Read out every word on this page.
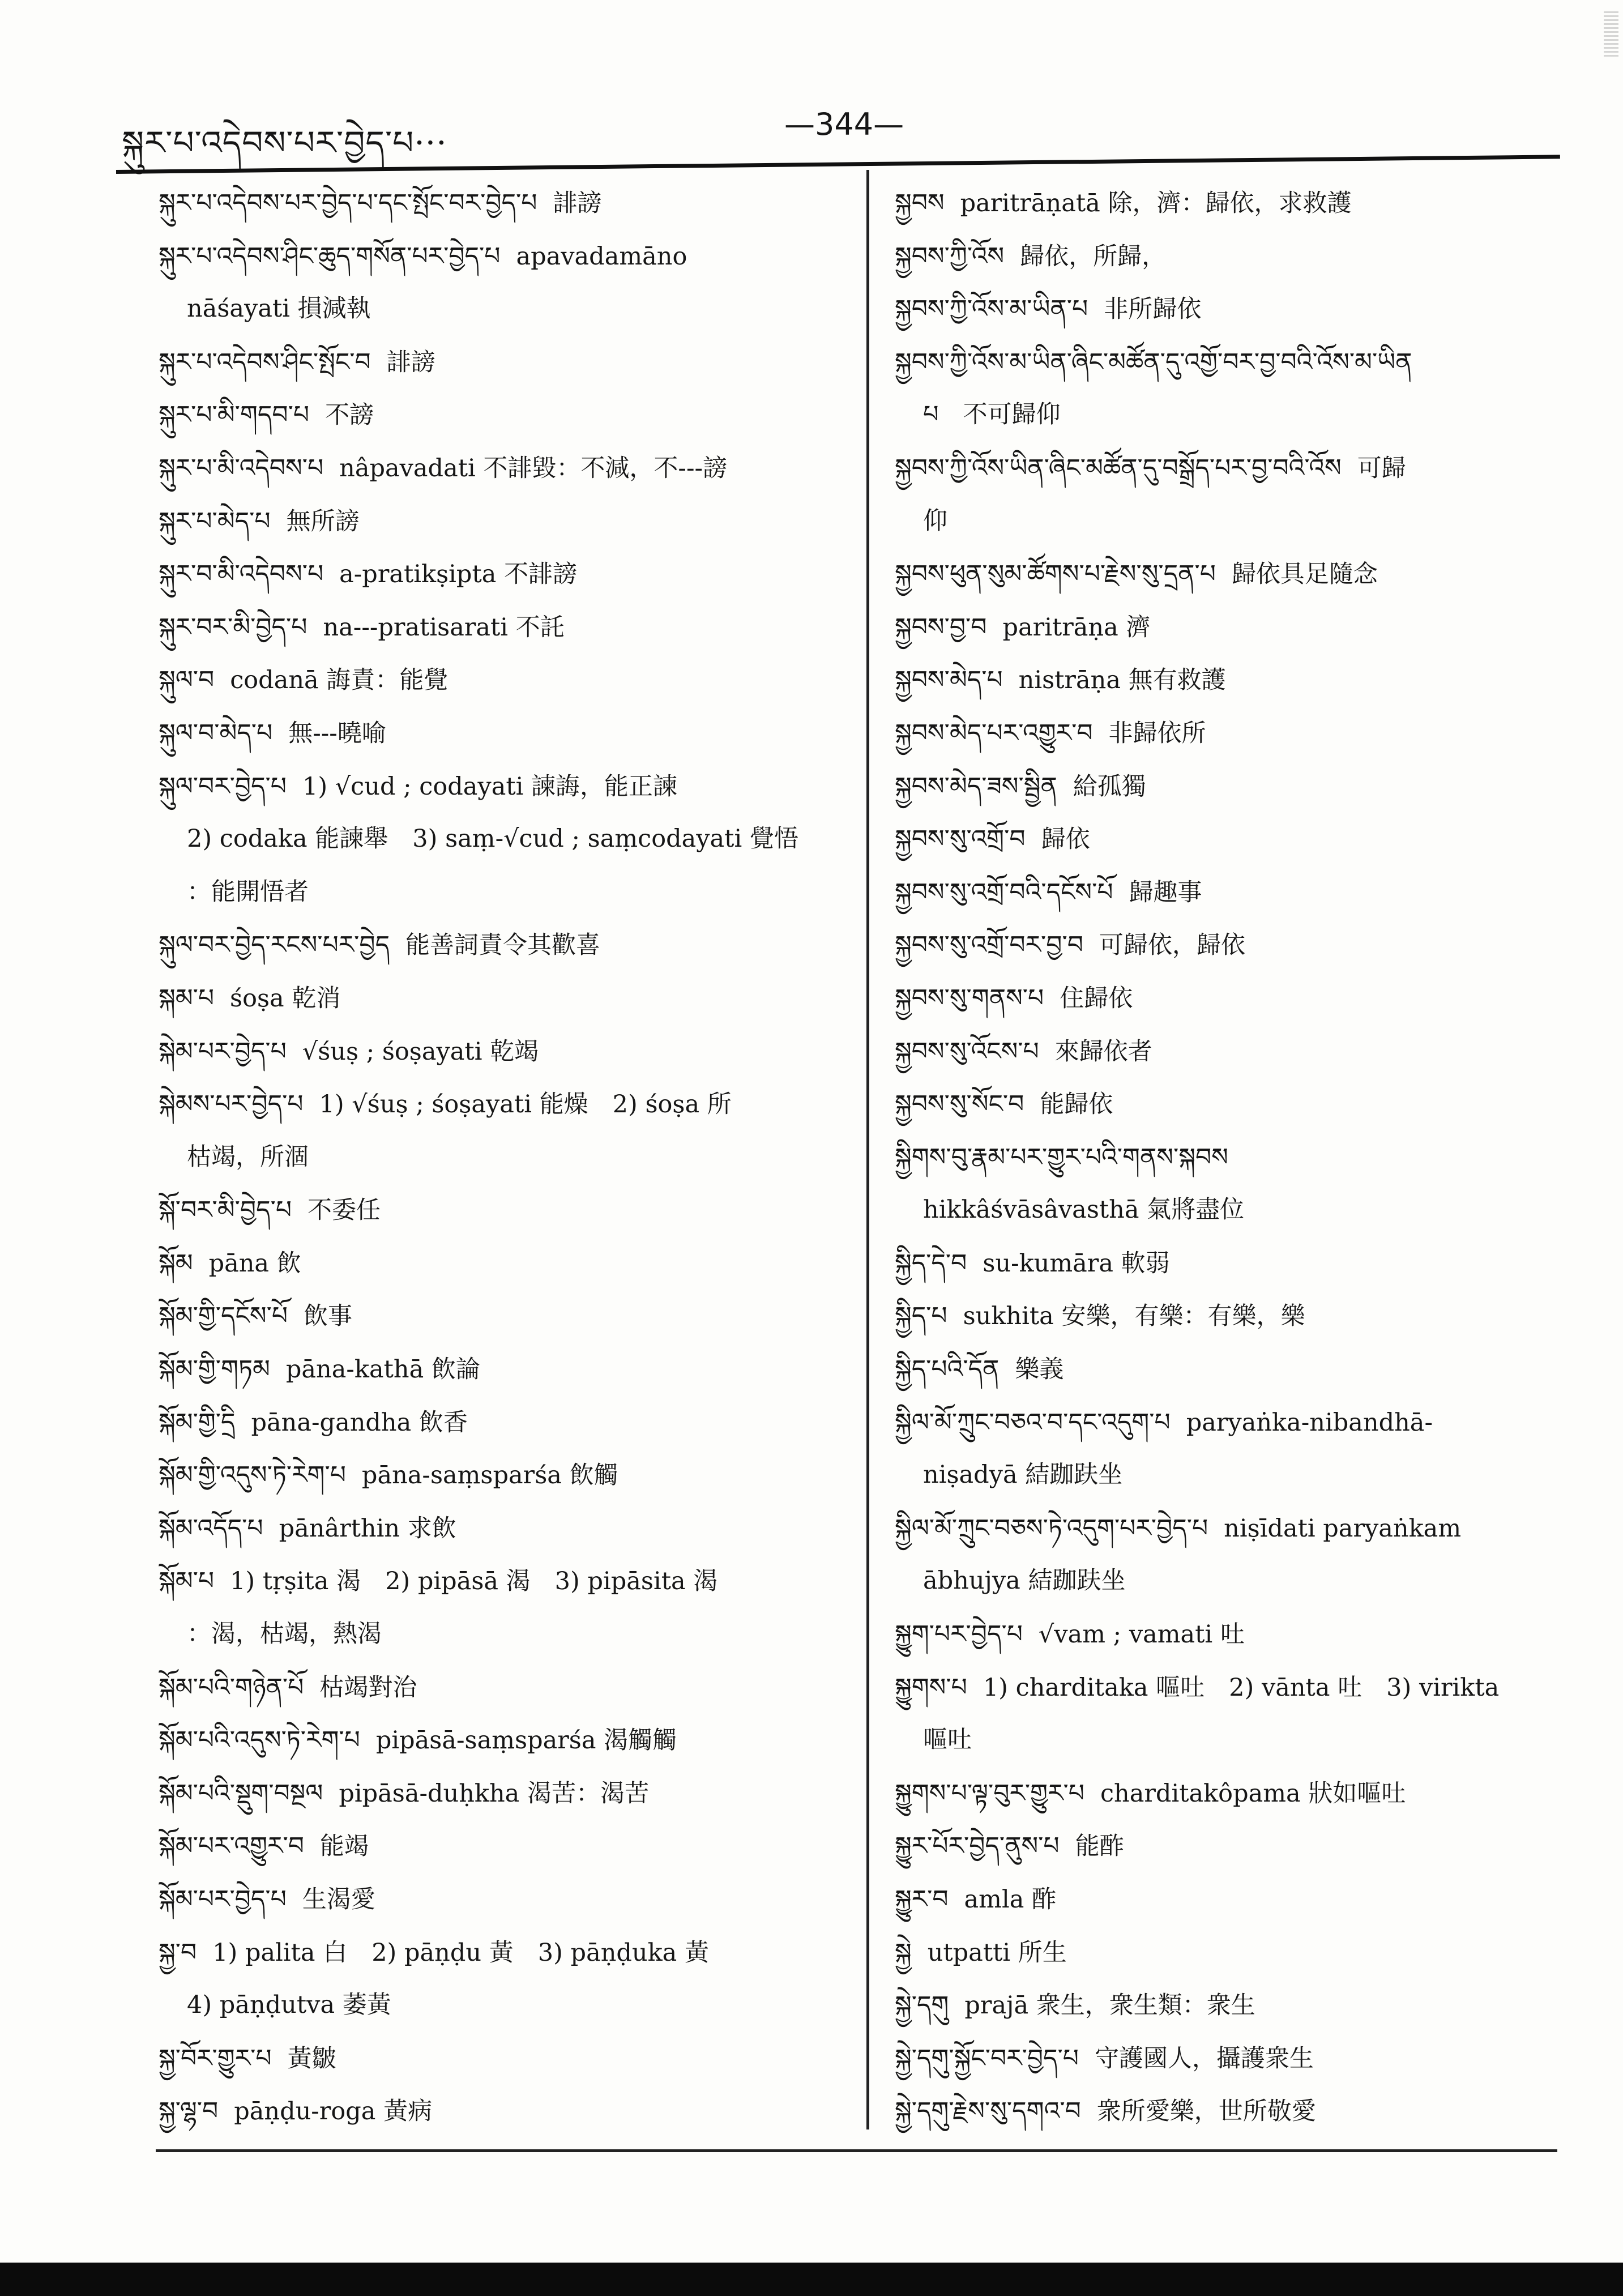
སྐུར་པ་འདེབས་པར་བྱེད་པ···	—344—
སྐུར་པ་འདེབས་པར་བྱེད་པ་དང་སྤོང་བར་བྱེད་པ 誹謗
སྐུར་པ་འདེབས་ཤིང་ཆུད་གསོན་པར་བྱེད་པ apavadamāno
nāśayati 損減執
སྐུར་པ་འདེབས་ཤིང་སྤོང་བ 誹謗
སྐུར་པ་མི་གདབ་པ 不謗
སྐུར་པ་མི་འདེབས་པ nâpavadati 不誹毀：不減，不---謗
སྐུར་པ་མེད་པ 無所謗
སྐུར་བ་མི་འདེབས་པ a-pratikṣipta 不誹謗
སྐུར་བར་མི་བྱེད་པ na---pratisarati 不託
སྐུལ་བ codanā 誨責：能覺
སྐུལ་བ་མེད་པ 無---曉喻
སྐུལ་བར་བྱེད་པ 1) √cud ; codayati 諫誨，能正諫
2) codaka 能諫舉　3) saṃ-√cud ; saṃcodayati 覺悟
：能開悟者
སྐུལ་བར་བྱེད་རངས་པར་བྱེད 能善詞責令其歡喜
སྐམ་པ śoṣa 乾消
སྐེམ་པར་བྱེད་པ √śuṣ ; śoṣayati 乾竭
སྐེམས་པར་བྱེད་པ 1) √śuṣ ; śoṣayati 能燥　2) śoṣa 所
枯竭，所涸
སྐོ་བར་མི་བྱེད་པ 不委任
སྐོམ pāna 飲
སྐོམ་གྱི་དངོས་པོ 飲事
སྐོམ་གྱི་གཏམ pāna-kathā 飲論
སྐོམ་གྱི་དྲི pāna-gandha 飲香
སྐོམ་གྱི་འདུས་ཏེ་རེག་པ pāna-saṃsparśa 飲觸
སྐོམ་འདོད་པ pānârthin 求飲
སྐོམ་པ 1) tṛṣita 渴　2) pipāsā 渴　3) pipāsita 渴
：渴，枯竭，熱渴
སྐོམ་པའི་གཉེན་པོ 枯竭對治
སྐོམ་པའི་འདུས་ཏེ་རེག་པ pipāsā-saṃsparśa 渴觸觸
སྐོམ་པའི་སྡུག་བསྔལ pipāsā-duḥkha 渴苦：渴苦
སྐོམ་པར་འགྱུར་བ 能竭
སྐོམ་པར་བྱེད་པ 生渴愛
སྐྱ་བ 1) palita 白　2) pāṇḍu 黃　3) pāṇḍuka 黃
4) pāṇḍutva 萎黃
སྐྱ་བོར་གྱུར་པ 黃皺
སྐྱ་ལྷ་བ pāṇḍu-roga 黃病
སྐྱབས paritrāṇatā 除，濟：歸依，求救護
སྐྱབས་ཀྱི་འོས 歸依，所歸，
སྐྱབས་ཀྱི་འོས་མ་ཡིན་པ 非所歸依
སྐྱབས་ཀྱི་འོས་མ་ཡིན་ཞིང་མཚོན་དུ་འགྱོ་བར་བྱ་བའི་འོས་མ་ཡིན
པ　不可歸仰
སྐྱབས་ཀྱི་འོས་ཡིན་ཞིང་མཚོན་དུ་བསྒྲོད་པར་བྱ་བའི་འོས 可歸
仰
སྐྱབས་ཕུན་སུམ་ཚོགས་པ་རྗེས་སུ་དྲན་པ 歸依具足隨念
སྐྱབས་བྱ་བ paritrāṇa 濟
སྐྱབས་མེད་པ nistrāṇa 無有救護
སྐྱབས་མེད་པར་འགྱུར་བ 非歸依所
སྐྱབས་མེད་ཟས་སྦྱིན 給孤獨
སྐྱབས་སུ་འགྲོ་བ 歸依
སྐྱབས་སུ་འགྲོ་བའི་དངོས་པོ 歸趣事
སྐྱབས་སུ་འགྲོ་བར་བྱ་བ 可歸依，歸依
སྐྱབས་སུ་གནས་པ 住歸依
སྐྱབས་སུ་འོངས་པ 來歸依者
སྐྱབས་སུ་སོང་བ 能歸依
སྐྱིགས་བུ་རྣམ་པར་གྱུར་པའི་གནས་སྐབས
hikkâśvāsâvasthā 氣將盡位
སྐྱིད་དེ་བ su-kumāra 軟弱
སྐྱིད་པ sukhita 安樂，有樂：有樂，樂
སྐྱིད་པའི་དོན 樂義
སྐྱིལ་མོ་ཀྲུང་བཅའ་བ་དང་འདུག་པ paryaṅka-nibandhā-
niṣadyā 結跏趺坐
སྐྱིལ་མོ་ཀྲུང་བཅས་ཏེ་འདུག་པར་བྱེད་པ niṣīdati paryaṅkam
ābhujya 結跏趺坐
སྐྱུག་པར་བྱེད་པ √vam ; vamati 吐
སྐྱུགས་པ 1) charditaka 嘔吐　2) vānta 吐　3) virikta
嘔吐
སྐྱུགས་པ་ལྟ་བུར་གྱུར་པ charditakôpama 狀如嘔吐
སྐྱུར་པོར་བྱེད་ནུས་པ 能酢
སྐྱུར་བ amla 酢
སྐྱེ utpatti 所生
སྐྱེ་དགུ prajā 衆生，衆生類：衆生
སྐྱེ་དགུ་སྐྱོང་བར་བྱེད་པ 守護國人，攝護衆生
སྐྱེ་དགུ་རྗེས་སུ་དགའ་བ 衆所愛樂，世所敬愛
